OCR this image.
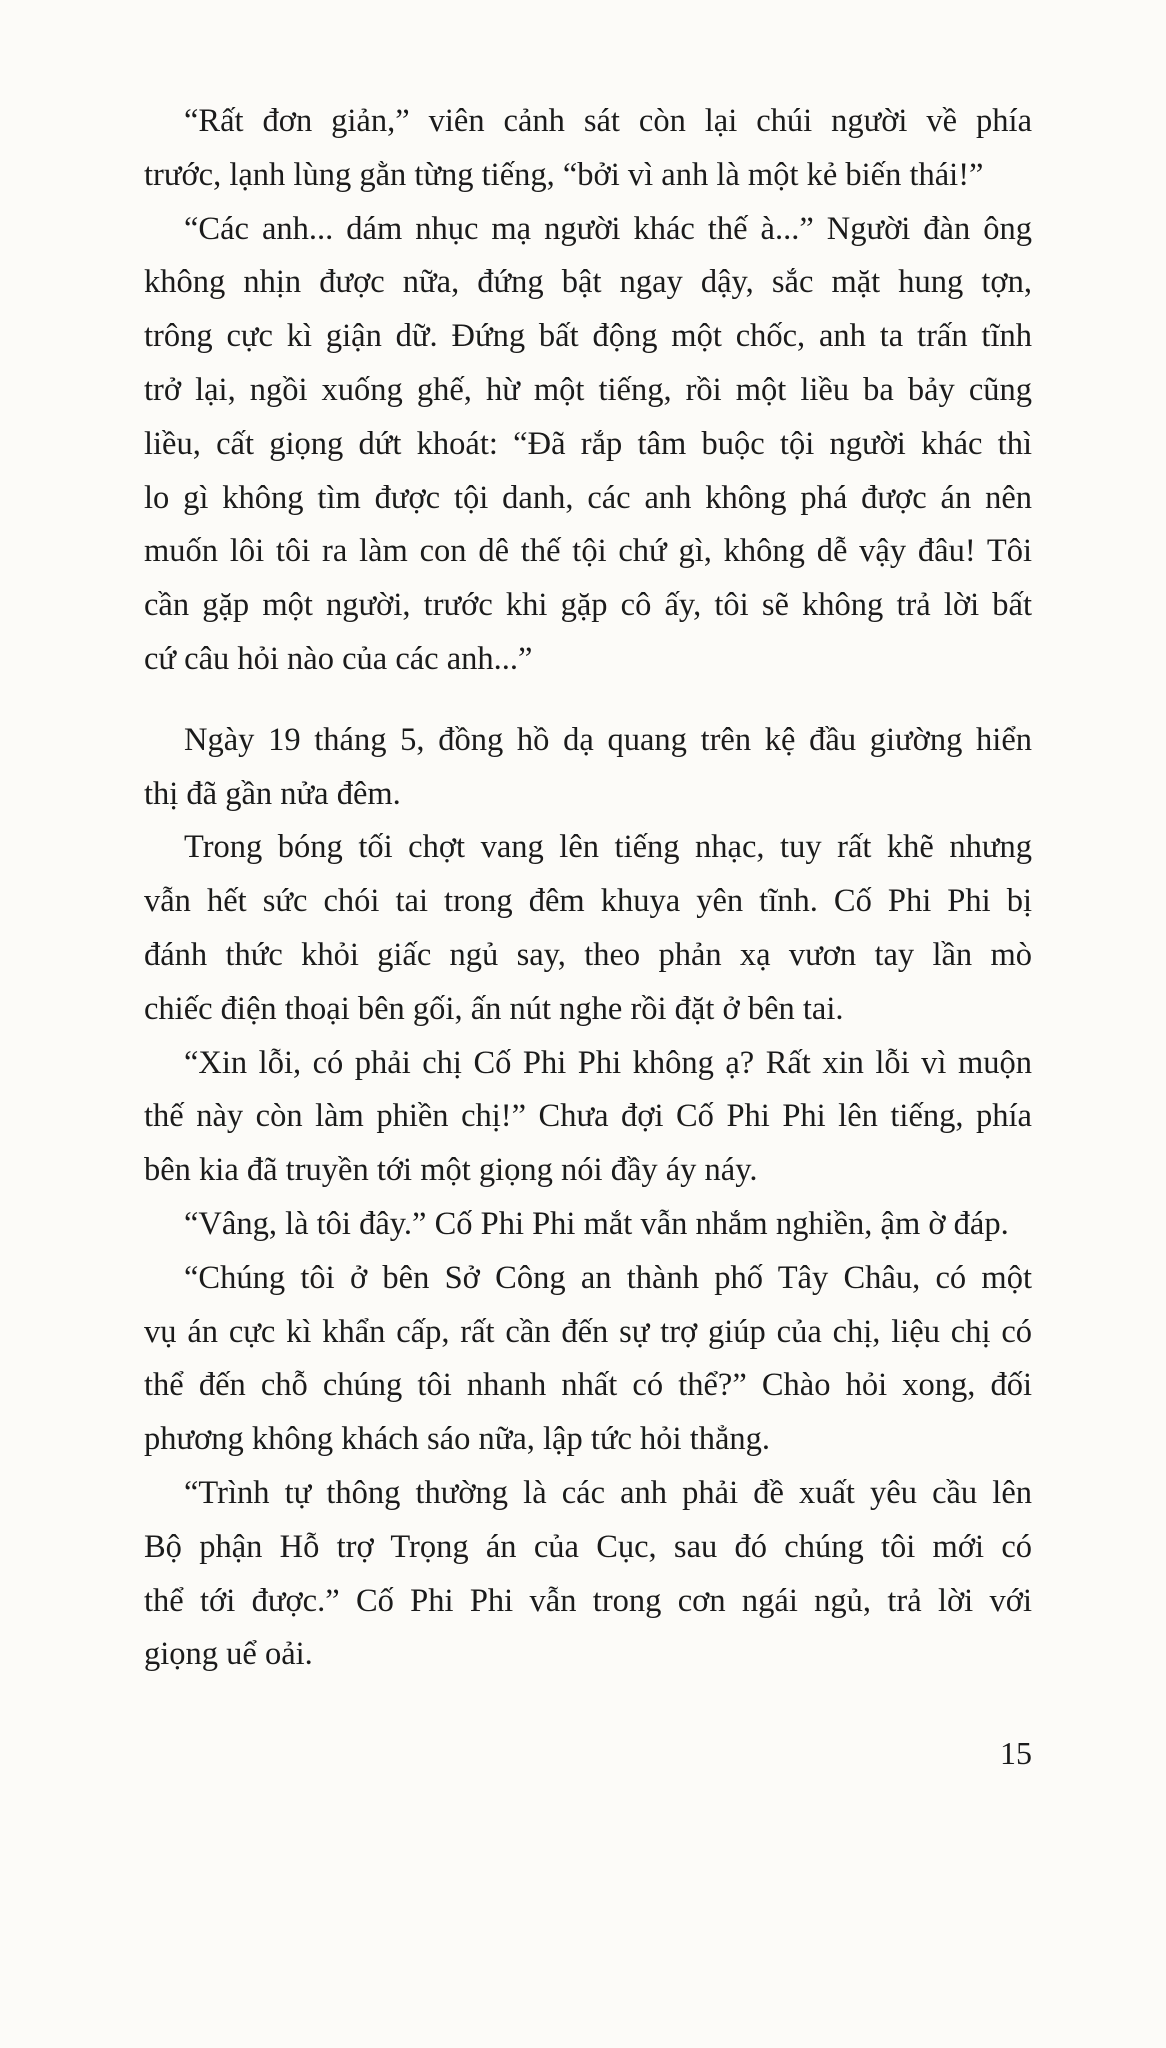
“Rất đơn giản,” viên cảnh sát còn lại chúi người về phía
trước, lạnh lùng gằn từng tiếng, “bởi vì anh là một kẻ biến thái!”
“Các anh... dám nhục mạ người khác thế à...” Người đàn ông
không nhịn được nữa, đứng bật ngay dậy, sắc mặt hung tợn,
trông cực kì giận dữ. Đứng bất động một chốc, anh ta trấn tĩnh
trở lại, ngồi xuống ghế, hừ một tiếng, rồi một liều ba bảy cũng
liều, cất giọng dứt khoát: “Đã rắp tâm buộc tội người khác thì
lo gì không tìm được tội danh, các anh không phá được án nên
muốn lôi tôi ra làm con dê thế tội chứ gì, không dễ vậy đâu! Tôi
cần gặp một người, trước khi gặp cô ấy, tôi sẽ không trả lời bất
cứ câu hỏi nào của các anh...”
Ngày 19 tháng 5, đồng hồ dạ quang trên kệ đầu giường hiển
thị đã gần nửa đêm.
Trong bóng tối chợt vang lên tiếng nhạc, tuy rất khẽ nhưng
vẫn hết sức chói tai trong đêm khuya yên tĩnh. Cố Phi Phi bị
đánh thức khỏi giấc ngủ say, theo phản xạ vươn tay lần mò
chiếc điện thoại bên gối, ấn nút nghe rồi đặt ở bên tai.
“Xin lỗi, có phải chị Cố Phi Phi không ạ? Rất xin lỗi vì muộn
thế này còn làm phiền chị!” Chưa đợi Cố Phi Phi lên tiếng, phía
bên kia đã truyền tới một giọng nói đầy áy náy.
“Vâng, là tôi đây.” Cố Phi Phi mắt vẫn nhắm nghiền, ậm ờ đáp.
“Chúng tôi ở bên Sở Công an thành phố Tây Châu, có một
vụ án cực kì khẩn cấp, rất cần đến sự trợ giúp của chị, liệu chị có
thể đến chỗ chúng tôi nhanh nhất có thể?” Chào hỏi xong, đối
phương không khách sáo nữa, lập tức hỏi thẳng.
“Trình tự thông thường là các anh phải đề xuất yêu cầu lên
Bộ phận Hỗ trợ Trọng án của Cục, sau đó chúng tôi mới có
thể tới được.” Cố Phi Phi vẫn trong cơn ngái ngủ, trả lời với
giọng uể oải.
15
